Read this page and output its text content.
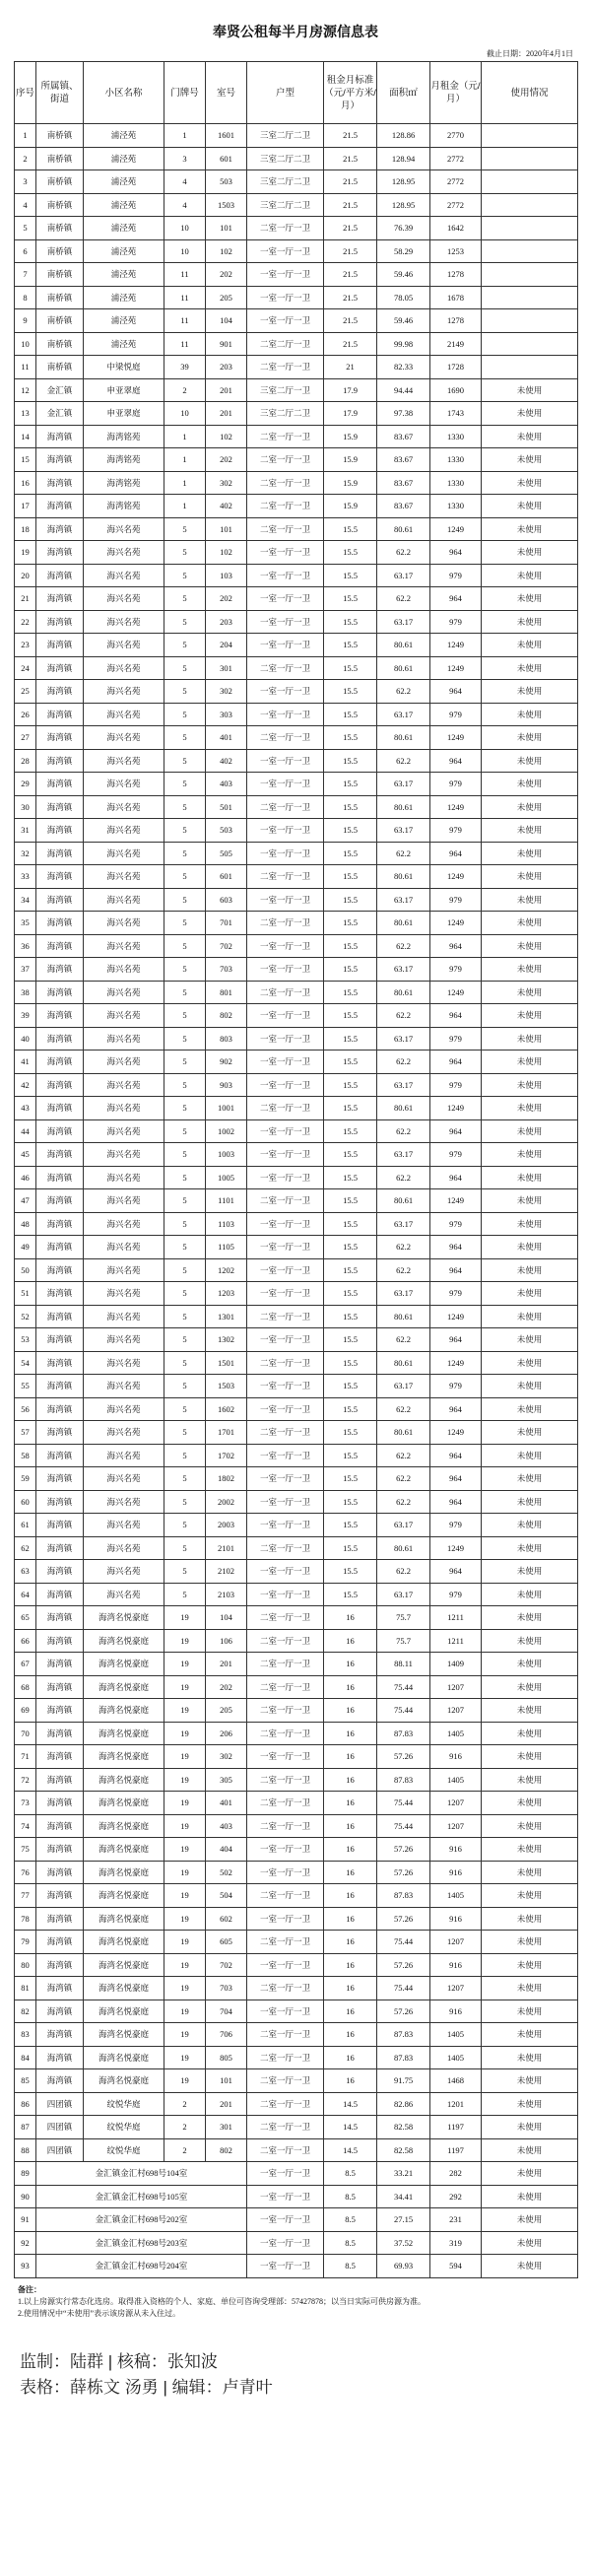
奉贤公租每半月房源信息表
截止日期：2020年4月1日
序号	所属镇、街道	小区名称	门牌号	室号	户型	租金月标准（元/平方米/月）	面积㎡	月租金（元/月）	使用情况
1	南桥镇	浦泾苑	1	1601	三室二厅二卫	21.5	128.86	2770	
2	南桥镇	浦泾苑	3	601	三室二厅二卫	21.5	128.94	2772	
3	南桥镇	浦泾苑	4	503	三室二厅二卫	21.5	128.95	2772	
4	南桥镇	浦泾苑	4	1503	三室二厅二卫	21.5	128.95	2772	
5	南桥镇	浦泾苑	10	101	二室一厅一卫	21.5	76.39	1642	
6	南桥镇	浦泾苑	10	102	一室一厅一卫	21.5	58.29	1253	
7	南桥镇	浦泾苑	11	202	一室一厅一卫	21.5	59.46	1278	
8	南桥镇	浦泾苑	11	205	一室一厅一卫	21.5	78.05	1678	
9	南桥镇	浦泾苑	11	104	一室一厅一卫	21.5	59.46	1278	
10	南桥镇	浦泾苑	11	901	二室二厅一卫	21.5	99.98	2149	
11	南桥镇	中梁悦庭	39	203	二室一厅一卫	21	82.33	1728	
12	金汇镇	申亚翠庭	2	201	三室二厅一卫	17.9	94.44	1690	未使用
13	金汇镇	申亚翠庭	10	201	三室二厅二卫	17.9	97.38	1743	未使用
14	海湾镇	海湾铭苑	1	102	二室一厅一卫	15.9	83.67	1330	未使用
15	海湾镇	海湾铭苑	1	202	二室一厅一卫	15.9	83.67	1330	未使用
16	海湾镇	海湾铭苑	1	302	二室一厅一卫	15.9	83.67	1330	未使用
17	海湾镇	海湾铭苑	1	402	二室一厅一卫	15.9	83.67	1330	未使用
18	海湾镇	海兴名苑	5	101	二室一厅一卫	15.5	80.61	1249	未使用
19	海湾镇	海兴名苑	5	102	一室一厅一卫	15.5	62.2	964	未使用
20	海湾镇	海兴名苑	5	103	一室一厅一卫	15.5	63.17	979	未使用
21	海湾镇	海兴名苑	5	202	一室一厅一卫	15.5	62.2	964	未使用
22	海湾镇	海兴名苑	5	203	一室一厅一卫	15.5	63.17	979	未使用
23	海湾镇	海兴名苑	5	204	一室一厅一卫	15.5	80.61	1249	未使用
24	海湾镇	海兴名苑	5	301	二室一厅一卫	15.5	80.61	1249	未使用
25	海湾镇	海兴名苑	5	302	一室一厅一卫	15.5	62.2	964	未使用
26	海湾镇	海兴名苑	5	303	一室一厅一卫	15.5	63.17	979	未使用
27	海湾镇	海兴名苑	5	401	二室一厅一卫	15.5	80.61	1249	未使用
28	海湾镇	海兴名苑	5	402	一室一厅一卫	15.5	62.2	964	未使用
29	海湾镇	海兴名苑	5	403	一室一厅一卫	15.5	63.17	979	未使用
30	海湾镇	海兴名苑	5	501	二室一厅一卫	15.5	80.61	1249	未使用
31	海湾镇	海兴名苑	5	503	一室一厅一卫	15.5	63.17	979	未使用
32	海湾镇	海兴名苑	5	505	一室一厅一卫	15.5	62.2	964	未使用
33	海湾镇	海兴名苑	5	601	二室一厅一卫	15.5	80.61	1249	未使用
34	海湾镇	海兴名苑	5	603	一室一厅一卫	15.5	63.17	979	未使用
35	海湾镇	海兴名苑	5	701	二室一厅一卫	15.5	80.61	1249	未使用
36	海湾镇	海兴名苑	5	702	一室一厅一卫	15.5	62.2	964	未使用
37	海湾镇	海兴名苑	5	703	一室一厅一卫	15.5	63.17	979	未使用
38	海湾镇	海兴名苑	5	801	二室一厅一卫	15.5	80.61	1249	未使用
39	海湾镇	海兴名苑	5	802	一室一厅一卫	15.5	62.2	964	未使用
40	海湾镇	海兴名苑	5	803	一室一厅一卫	15.5	63.17	979	未使用
41	海湾镇	海兴名苑	5	902	一室一厅一卫	15.5	62.2	964	未使用
42	海湾镇	海兴名苑	5	903	一室一厅一卫	15.5	63.17	979	未使用
43	海湾镇	海兴名苑	5	1001	二室一厅一卫	15.5	80.61	1249	未使用
44	海湾镇	海兴名苑	5	1002	一室一厅一卫	15.5	62.2	964	未使用
45	海湾镇	海兴名苑	5	1003	一室一厅一卫	15.5	63.17	979	未使用
46	海湾镇	海兴名苑	5	1005	一室一厅一卫	15.5	62.2	964	未使用
47	海湾镇	海兴名苑	5	1101	二室一厅一卫	15.5	80.61	1249	未使用
48	海湾镇	海兴名苑	5	1103	一室一厅一卫	15.5	63.17	979	未使用
49	海湾镇	海兴名苑	5	1105	一室一厅一卫	15.5	62.2	964	未使用
50	海湾镇	海兴名苑	5	1202	一室一厅一卫	15.5	62.2	964	未使用
51	海湾镇	海兴名苑	5	1203	一室一厅一卫	15.5	63.17	979	未使用
52	海湾镇	海兴名苑	5	1301	二室一厅一卫	15.5	80.61	1249	未使用
53	海湾镇	海兴名苑	5	1302	一室一厅一卫	15.5	62.2	964	未使用
54	海湾镇	海兴名苑	5	1501	二室一厅一卫	15.5	80.61	1249	未使用
55	海湾镇	海兴名苑	5	1503	一室一厅一卫	15.5	63.17	979	未使用
56	海湾镇	海兴名苑	5	1602	一室一厅一卫	15.5	62.2	964	未使用
57	海湾镇	海兴名苑	5	1701	二室一厅一卫	15.5	80.61	1249	未使用
58	海湾镇	海兴名苑	5	1702	一室一厅一卫	15.5	62.2	964	未使用
59	海湾镇	海兴名苑	5	1802	一室一厅一卫	15.5	62.2	964	未使用
60	海湾镇	海兴名苑	5	2002	一室一厅一卫	15.5	62.2	964	未使用
61	海湾镇	海兴名苑	5	2003	一室一厅一卫	15.5	63.17	979	未使用
62	海湾镇	海兴名苑	5	2101	二室一厅一卫	15.5	80.61	1249	未使用
63	海湾镇	海兴名苑	5	2102	一室一厅一卫	15.5	62.2	964	未使用
64	海湾镇	海兴名苑	5	2103	一室一厅一卫	15.5	63.17	979	未使用
65	海湾镇	海湾名悦豪庭	19	104	二室一厅一卫	16	75.7	1211	未使用
66	海湾镇	海湾名悦豪庭	19	106	二室一厅一卫	16	75.7	1211	未使用
67	海湾镇	海湾名悦豪庭	19	201	二室一厅一卫	16	88.11	1409	未使用
68	海湾镇	海湾名悦豪庭	19	202	二室一厅一卫	16	75.44	1207	未使用
69	海湾镇	海湾名悦豪庭	19	205	二室一厅一卫	16	75.44	1207	未使用
70	海湾镇	海湾名悦豪庭	19	206	二室一厅一卫	16	87.83	1405	未使用
71	海湾镇	海湾名悦豪庭	19	302	一室一厅一卫	16	57.26	916	未使用
72	海湾镇	海湾名悦豪庭	19	305	二室一厅一卫	16	87.83	1405	未使用
73	海湾镇	海湾名悦豪庭	19	401	二室一厅一卫	16	75.44	1207	未使用
74	海湾镇	海湾名悦豪庭	19	403	二室一厅一卫	16	75.44	1207	未使用
75	海湾镇	海湾名悦豪庭	19	404	一室一厅一卫	16	57.26	916	未使用
76	海湾镇	海湾名悦豪庭	19	502	一室一厅一卫	16	57.26	916	未使用
77	海湾镇	海湾名悦豪庭	19	504	二室一厅一卫	16	87.83	1405	未使用
78	海湾镇	海湾名悦豪庭	19	602	一室一厅一卫	16	57.26	916	未使用
79	海湾镇	海湾名悦豪庭	19	605	二室一厅一卫	16	75.44	1207	未使用
80	海湾镇	海湾名悦豪庭	19	702	一室一厅一卫	16	57.26	916	未使用
81	海湾镇	海湾名悦豪庭	19	703	二室一厅一卫	16	75.44	1207	未使用
82	海湾镇	海湾名悦豪庭	19	704	一室一厅一卫	16	57.26	916	未使用
83	海湾镇	海湾名悦豪庭	19	706	二室一厅一卫	16	87.83	1405	未使用
84	海湾镇	海湾名悦豪庭	19	805	二室一厅一卫	16	87.83	1405	未使用
85	海湾镇	海湾名悦豪庭	19	101	二室一厅一卫	16	91.75	1468	未使用
86	四团镇	纹悦华庭	2	201	二室一厅一卫	14.5	82.86	1201	未使用
87	四团镇	纹悦华庭	2	301	二室一厅一卫	14.5	82.58	1197	未使用
88	四团镇	纹悦华庭	2	802	二室一厅一卫	14.5	82.58	1197	未使用
89	金汇镇金汇村698号104室				一室一厅一卫	8.5	33.21	282	未使用
90	金汇镇金汇村698号105室				一室一厅一卫	8.5	34.41	292	未使用
91	金汇镇金汇村698号202室				一室一厅一卫	8.5	27.15	231	未使用
92	金汇镇金汇村698号203室				一室一厅一卫	8.5	37.52	319	未使用
93	金汇镇金汇村698号204室				一室一厅一卫	8.5	69.93	594	未使用
备注：
1.以上房源实行常态化选房。取得准入资格的个人、家庭、单位可咨询受理部：57427878；以当日实际可供房源为准。
2.使用情况中“未使用”表示该房源从未入住过。
监制：陆群 | 核稿：张知波
表格：薛栋文 汤勇 | 编辑：卢青叶
